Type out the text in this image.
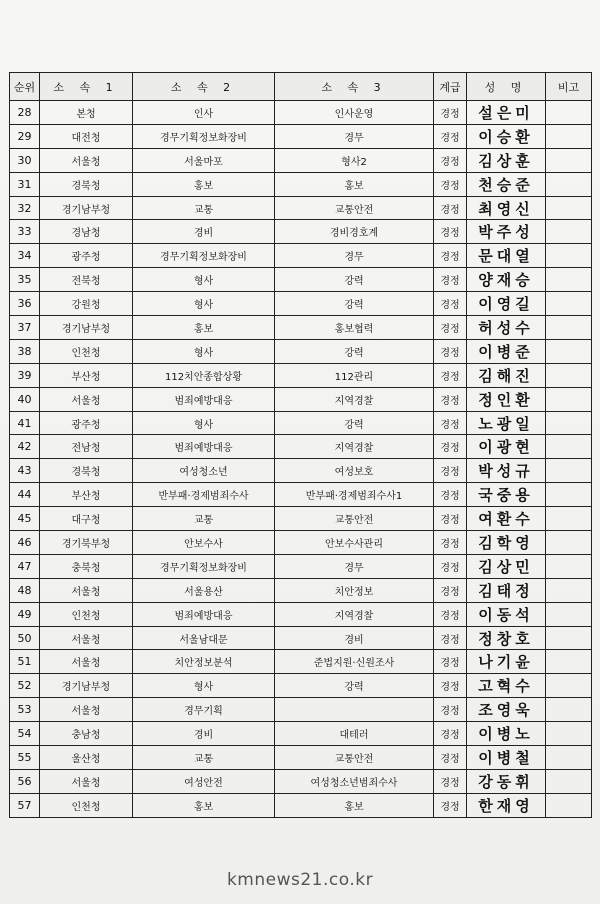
순위	소 속 1	소 속 2	소 속 3	계급	성 명	비고
28	본청	인사	인사운영	경정	설은미	
29	대전청	경무기획정보화장비	경무	경정	이승환	
30	서울청	서울마포	형사2	경정	김상훈	
31	경북청	홍보	홍보	경정	천승준	
32	경기남부청	교통	교통안전	경정	최영신	
33	경남청	경비	경비경호계	경정	박주성	
34	광주청	경무기획정보화장비	경무	경정	문대열	
35	전북청	형사	강력	경정	양재승	
36	강원청	형사	강력	경정	이영길	
37	경기남부청	홍보	홍보협력	경정	허성수	
38	인천청	형사	강력	경정	이병준	
39	부산청	112치안종합상황	112관리	경정	김해진	
40	서울청	범죄예방대응	지역경찰	경정	정인환	
41	광주청	형사	강력	경정	노광일	
42	전남청	범죄예방대응	지역경찰	경정	이광현	
43	경북청	여성청소년	여성보호	경정	박성규	
44	부산청	반부패·경제범죄수사	반부패·경제범죄수사1	경정	국중용	
45	대구청	교통	교통안전	경정	여환수	
46	경기북부청	안보수사	안보수사관리	경정	김학영	
47	충북청	경무기획정보화장비	경무	경정	김상민	
48	서울청	서울용산	치안정보	경정	김태정	
49	인천청	범죄예방대응	지역경찰	경정	이동석	
50	서울청	서울남대문	경비	경정	정창호	
51	서울청	치안정보분석	준법지원·신원조사	경정	나기윤	
52	경기남부청	형사	강력	경정	고혁수	
53	서울청	경무기획		경정	조영욱	
54	충남청	경비	대테러	경정	이병노	
55	울산청	교통	교통안전	경정	이병철	
56	서울청	여성안전	여성청소년범죄수사	경정	강동휘	
57	인천청	홍보	홍보	경정	한재영	
kmnews21.co.kr
